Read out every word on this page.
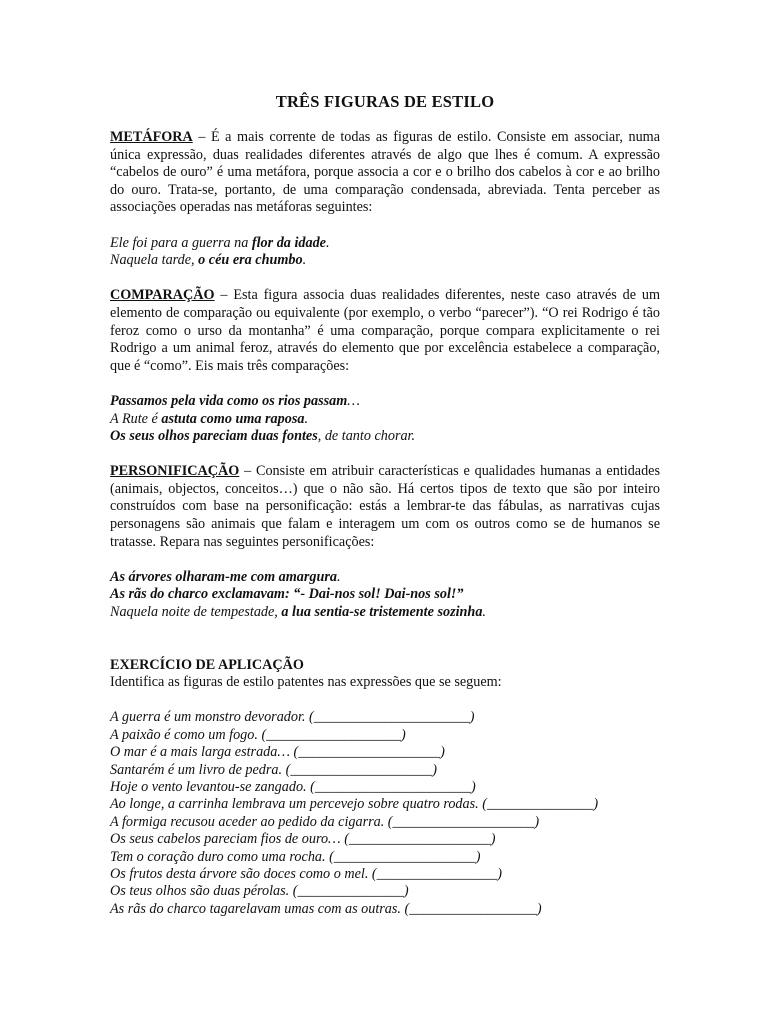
TRÊS FIGURAS DE ESTILO

METÁFORA – É a mais corrente de todas as figuras de estilo. Consiste em associar, numa única expressão, duas realidades diferentes através de algo que lhes é comum. A expressão “cabelos de ouro” é uma metáfora, porque associa a cor e o brilho dos cabelos à cor e ao brilho do ouro. Trata-se, portanto, de uma comparação condensada, abreviada. Tenta perceber as associações operadas nas metáforas seguintes:

Ele foi para a guerra na flor da idade.

Naquela tarde, o céu era chumbo.

COMPARAÇÃO – Esta figura associa duas realidades diferentes, neste caso através de um elemento de comparação ou equivalente (por exemplo, o verbo “parecer”). “O rei Rodrigo é tão feroz como o urso da montanha” é uma comparação, porque compara explicitamente o rei Rodrigo a um animal feroz, através do elemento que por excelência estabelece a comparação, que é “como”. Eis mais três comparações:

Passamos pela vida como os rios passam…

A Rute é astuta como uma raposa.

Os seus olhos pareciam duas fontes, de tanto chorar.

PERSONIFICAÇÃO – Consiste em atribuir características e qualidades humanas a entidades (animais, objectos, conceitos…) que o não são. Há certos tipos de texto que são por inteiro construídos com base na personificação: estás a lembrar-te das fábulas, as narrativas cujas personagens são animais que falam e interagem um com os outros como se de humanos se tratasse. Repara nas seguintes personificações:

As árvores olharam-me com amargura.

As rãs do charco exclamavam: “- Dai-nos sol! Dai-nos sol!”

Naquela noite de tempestade, a lua sentia-se tristemente sozinha.

EXERCÍCIO DE APLICAÇÃO

Identifica as figuras de estilo patentes nas expressões que se seguem:

A guerra é um monstro devorador. (______________________)

A paixão é como um fogo. (___________________)

O mar é a mais larga estrada… (____________________)

Santarém é um livro de pedra. (____________________)

Hoje o vento levantou-se zangado. (______________________)

Ao longe, a carrinha lembrava um percevejo sobre quatro rodas. (_______________)

A formiga recusou aceder ao pedido da cigarra. (____________________)

Os seus cabelos pareciam fios de ouro… (____________________)

Tem o coração duro como uma rocha. (____________________)

Os frutos desta árvore são doces como o mel. (_________________)

Os teus olhos são duas pérolas. (_______________)

As rãs do charco tagarelavam umas com as outras. (__________________)
